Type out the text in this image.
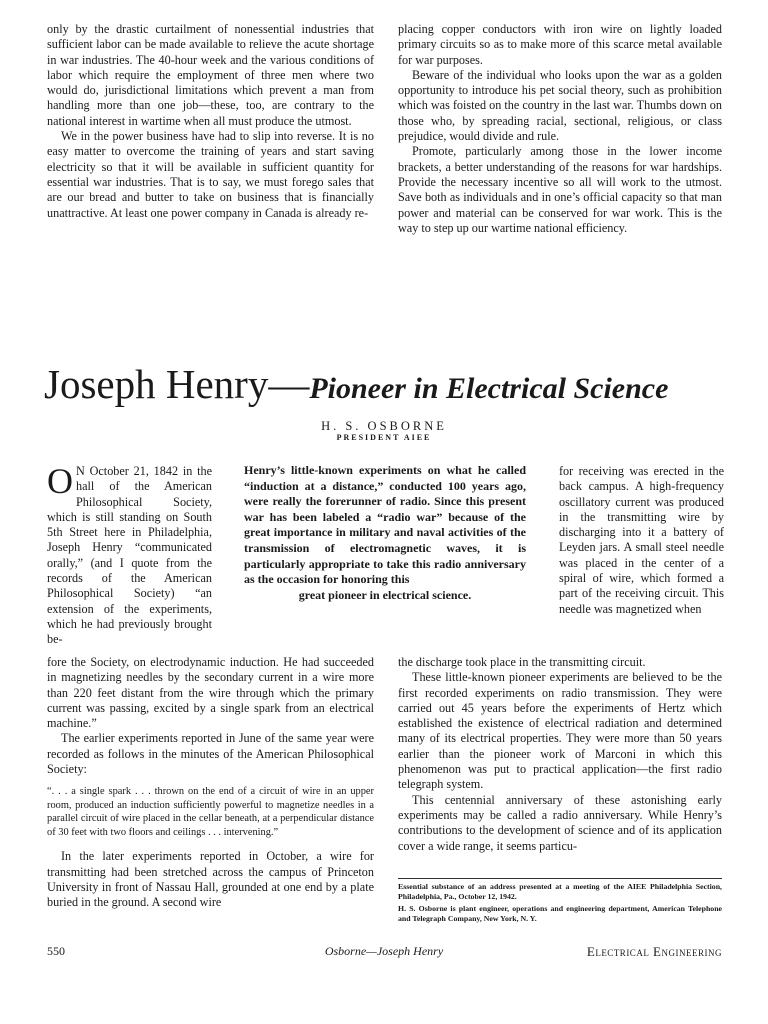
only by the drastic curtailment of nonessential industries that sufficient labor can be made available to relieve the acute shortage in war industries. The 40-hour week and the various conditions of labor which require the employment of three men where two would do, jurisdictional limitations which prevent a man from handling more than one job—these, too, are contrary to the national interest in wartime when all must produce the utmost.

We in the power business have had to slip into reverse. It is no easy matter to overcome the training of years and start saving electricity so that it will be available in sufficient quantity for essential war industries. That is to say, we must forego sales that are our bread and butter to take on business that is financially unattractive. At least one power company in Canada is already re-

placing copper conductors with iron wire on lightly loaded primary circuits so as to make more of this scarce metal available for war purposes.

Beware of the individual who looks upon the war as a golden opportunity to introduce his pet social theory, such as prohibition which was foisted on the country in the last war. Thumbs down on those who, by spreading racial, sectional, religious, or class prejudice, would divide and rule.

Promote, particularly among those in the lower income brackets, a better understanding of the reasons for war hardships. Provide the necessary incentive so all will work to the utmost. Save both as individuals and in one’s official capacity so that man power and material can be conserved for war work. This is the way to step up our wartime national efficiency.

Joseph Henry—Pioneer in Electrical Science
H. S. OSBORNE
PRESIDENT AIEE

O N October 21, 1842 in the hall of the American Philosophical Society, which is still standing on South 5th Street here in Philadelphia, Joseph Henry “communicated orally,” (and I quote from the records of the American Philosophical Society) “an extension of the experiments, which he had previously brought be-

Henry’s little-known experiments on what he called “induction at a distance,” conducted 100 years ago, were really the forerunner of radio. Since this present war has been labeled a “radio war” because of the great importance in military and naval activities of the transmission of electromagnetic waves, it is particularly appropriate to take this radio anniversary as the occasion for honoring this

great pioneer in electrical science.

for receiving was erected in the back campus. A high-frequency oscillatory current was produced in the transmitting wire by discharging into it a battery of Leyden jars. A small steel needle was placed in the center of a spiral of wire, which formed a part of the receiving circuit. This needle was magnetized when

fore the Society, on electrodynamic induction. He had succeeded in magnetizing needles by the secondary current in a wire more than 220 feet distant from the wire through which the primary current was passing, excited by a single spark from an electrical machine.”

The earlier experiments reported in June of the same year were recorded as follows in the minutes of the American Philosophical Society:

“. . . a single spark . . . thrown on the end of a circuit of wire in an upper room, produced an induction sufficiently powerful to magnetize needles in a parallel circuit of wire placed in the cellar beneath, at a perpendicular distance of 30 feet with two floors and ceilings . . . intervening.”

In the later experiments reported in October, a wire for transmitting had been stretched across the campus of Princeton University in front of Nassau Hall, grounded at one end by a plate buried in the ground. A second wire

the discharge took place in the transmitting circuit.

These little-known pioneer experiments are believed to be the first recorded experiments on radio transmission. They were carried out 45 years before the experiments of Hertz which established the existence of electrical radiation and determined many of its electrical properties. They were more than 50 years earlier than the pioneer work of Marconi in which this phenomenon was put to practical application—the first radio telegraph system.

This centennial anniversary of these astonishing early experiments may be called a radio anniversary. While Henry’s contributions to the development of science and of its application cover a wide range, it seems particu-

Essential substance of an address presented at a meeting of the AIEE Philadelphia Section, Philadelphia, Pa., October 12, 1942.

H. S. Osborne is plant engineer, operations and engineering department, American Telephone and Telegraph Company, New York, N. Y.

550	Osborne—Joseph Henry	Electrical Engineering
